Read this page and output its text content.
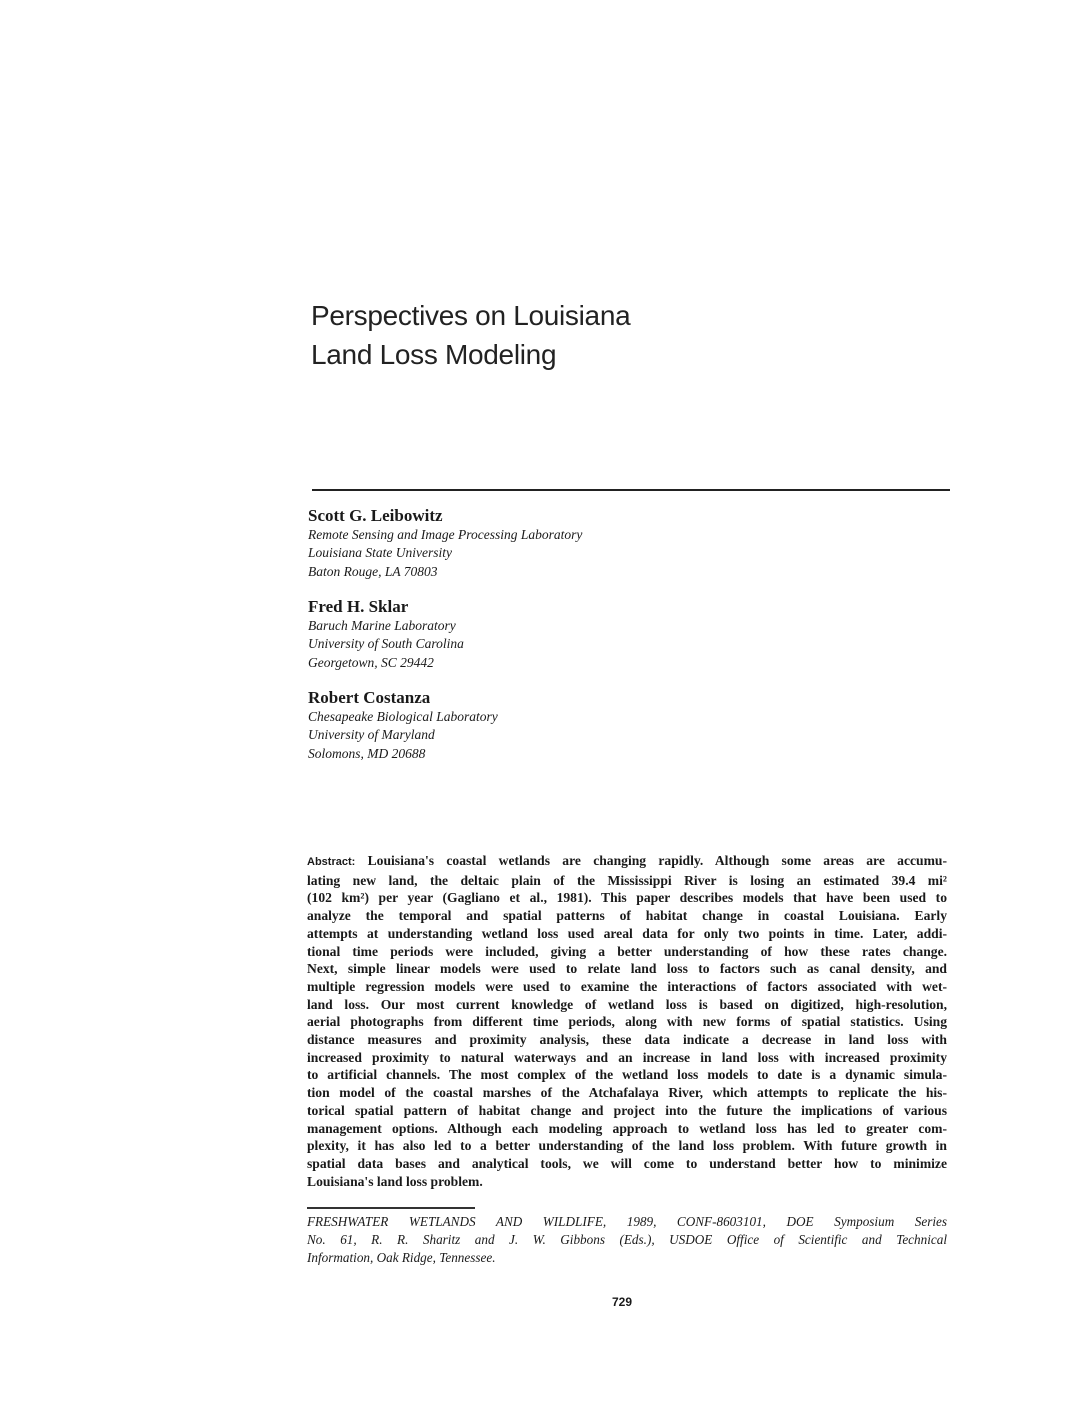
Perspectives on Louisiana
Land Loss Modeling
Scott G. Leibowitz
Remote Sensing and Image Processing Laboratory
Louisiana State University
Baton Rouge, LA 70803
Fred H. Sklar
Baruch Marine Laboratory
University of South Carolina
Georgetown, SC 29442
Robert Costanza
Chesapeake Biological Laboratory
University of Maryland
Solomons, MD 20688
Abstract: Louisiana's coastal wetlands are changing rapidly. Although some areas are accumu-
lating new land, the deltaic plain of the Mississippi River is losing an estimated 39.4 mi²
(102 km²) per year (Gagliano et al., 1981). This paper describes models that have been used to
analyze the temporal and spatial patterns of habitat change in coastal Louisiana. Early
attempts at understanding wetland loss used areal data for only two points in time. Later, addi-
tional time periods were included, giving a better understanding of how these rates change.
Next, simple linear models were used to relate land loss to factors such as canal density, and
multiple regression models were used to examine the interactions of factors associated with wet-
land loss. Our most current knowledge of wetland loss is based on digitized, high-resolution,
aerial photographs from different time periods, along with new forms of spatial statistics. Using
distance measures and proximity analysis, these data indicate a decrease in land loss with
increased proximity to natural waterways and an increase in land loss with increased proximity
to artificial channels. The most complex of the wetland loss models to date is a dynamic simula-
tion model of the coastal marshes of the Atchafalaya River, which attempts to replicate the his-
torical spatial pattern of habitat change and project into the future the implications of various
management options. Although each modeling approach to wetland loss has led to greater com-
plexity, it has also led to a better understanding of the land loss problem. With future growth in
spatial data bases and analytical tools, we will come to understand better how to minimize
Louisiana's land loss problem.
FRESHWATER WETLANDS AND WILDLIFE, 1989, CONF-8603101, DOE Symposium Series
No. 61, R. R. Sharitz and J. W. Gibbons (Eds.), USDOE Office of Scientific and Technical
Information, Oak Ridge, Tennessee.
729
